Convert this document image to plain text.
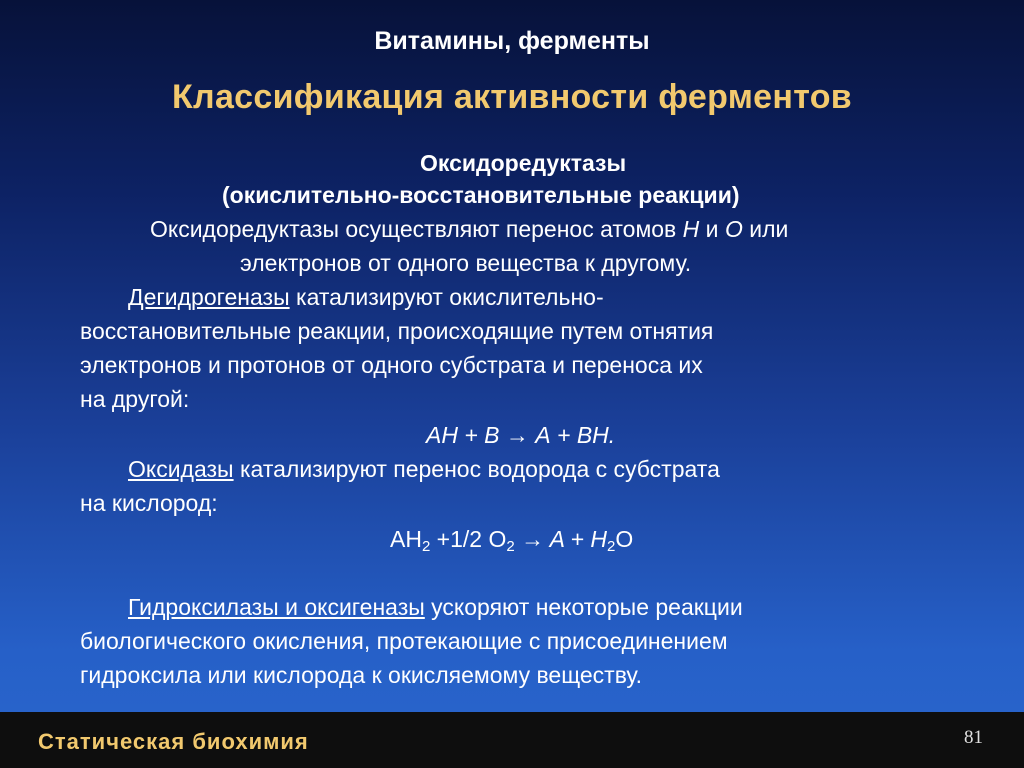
Витамины, ферменты
Классификация активности ферментов
Оксидоредуктазы
(окислительно-восстановительные реакции)
Оксидоредуктазы осуществляют перенос атомов Н и О или
электронов от одного вещества к другому.
Дегидрогеназы катализируют окислительно-
восстановительные реакции, происходящие путем отнятия
электронов и протонов от одного субстрата и переноса их
на другой:
АН + В → А + ВН.
Оксидазы катализируют перенос водорода с субстрата
на кислород:
$АН_2 +1/2$ $O_2 \to A + H_2O$
Гидроксилазы и оксигеназы ускоряют некоторые реакции
биологического окисления, протекающие с присоединением
гидроксила или кислорода к окисляемому веществу.
Статическая биохимия	81
